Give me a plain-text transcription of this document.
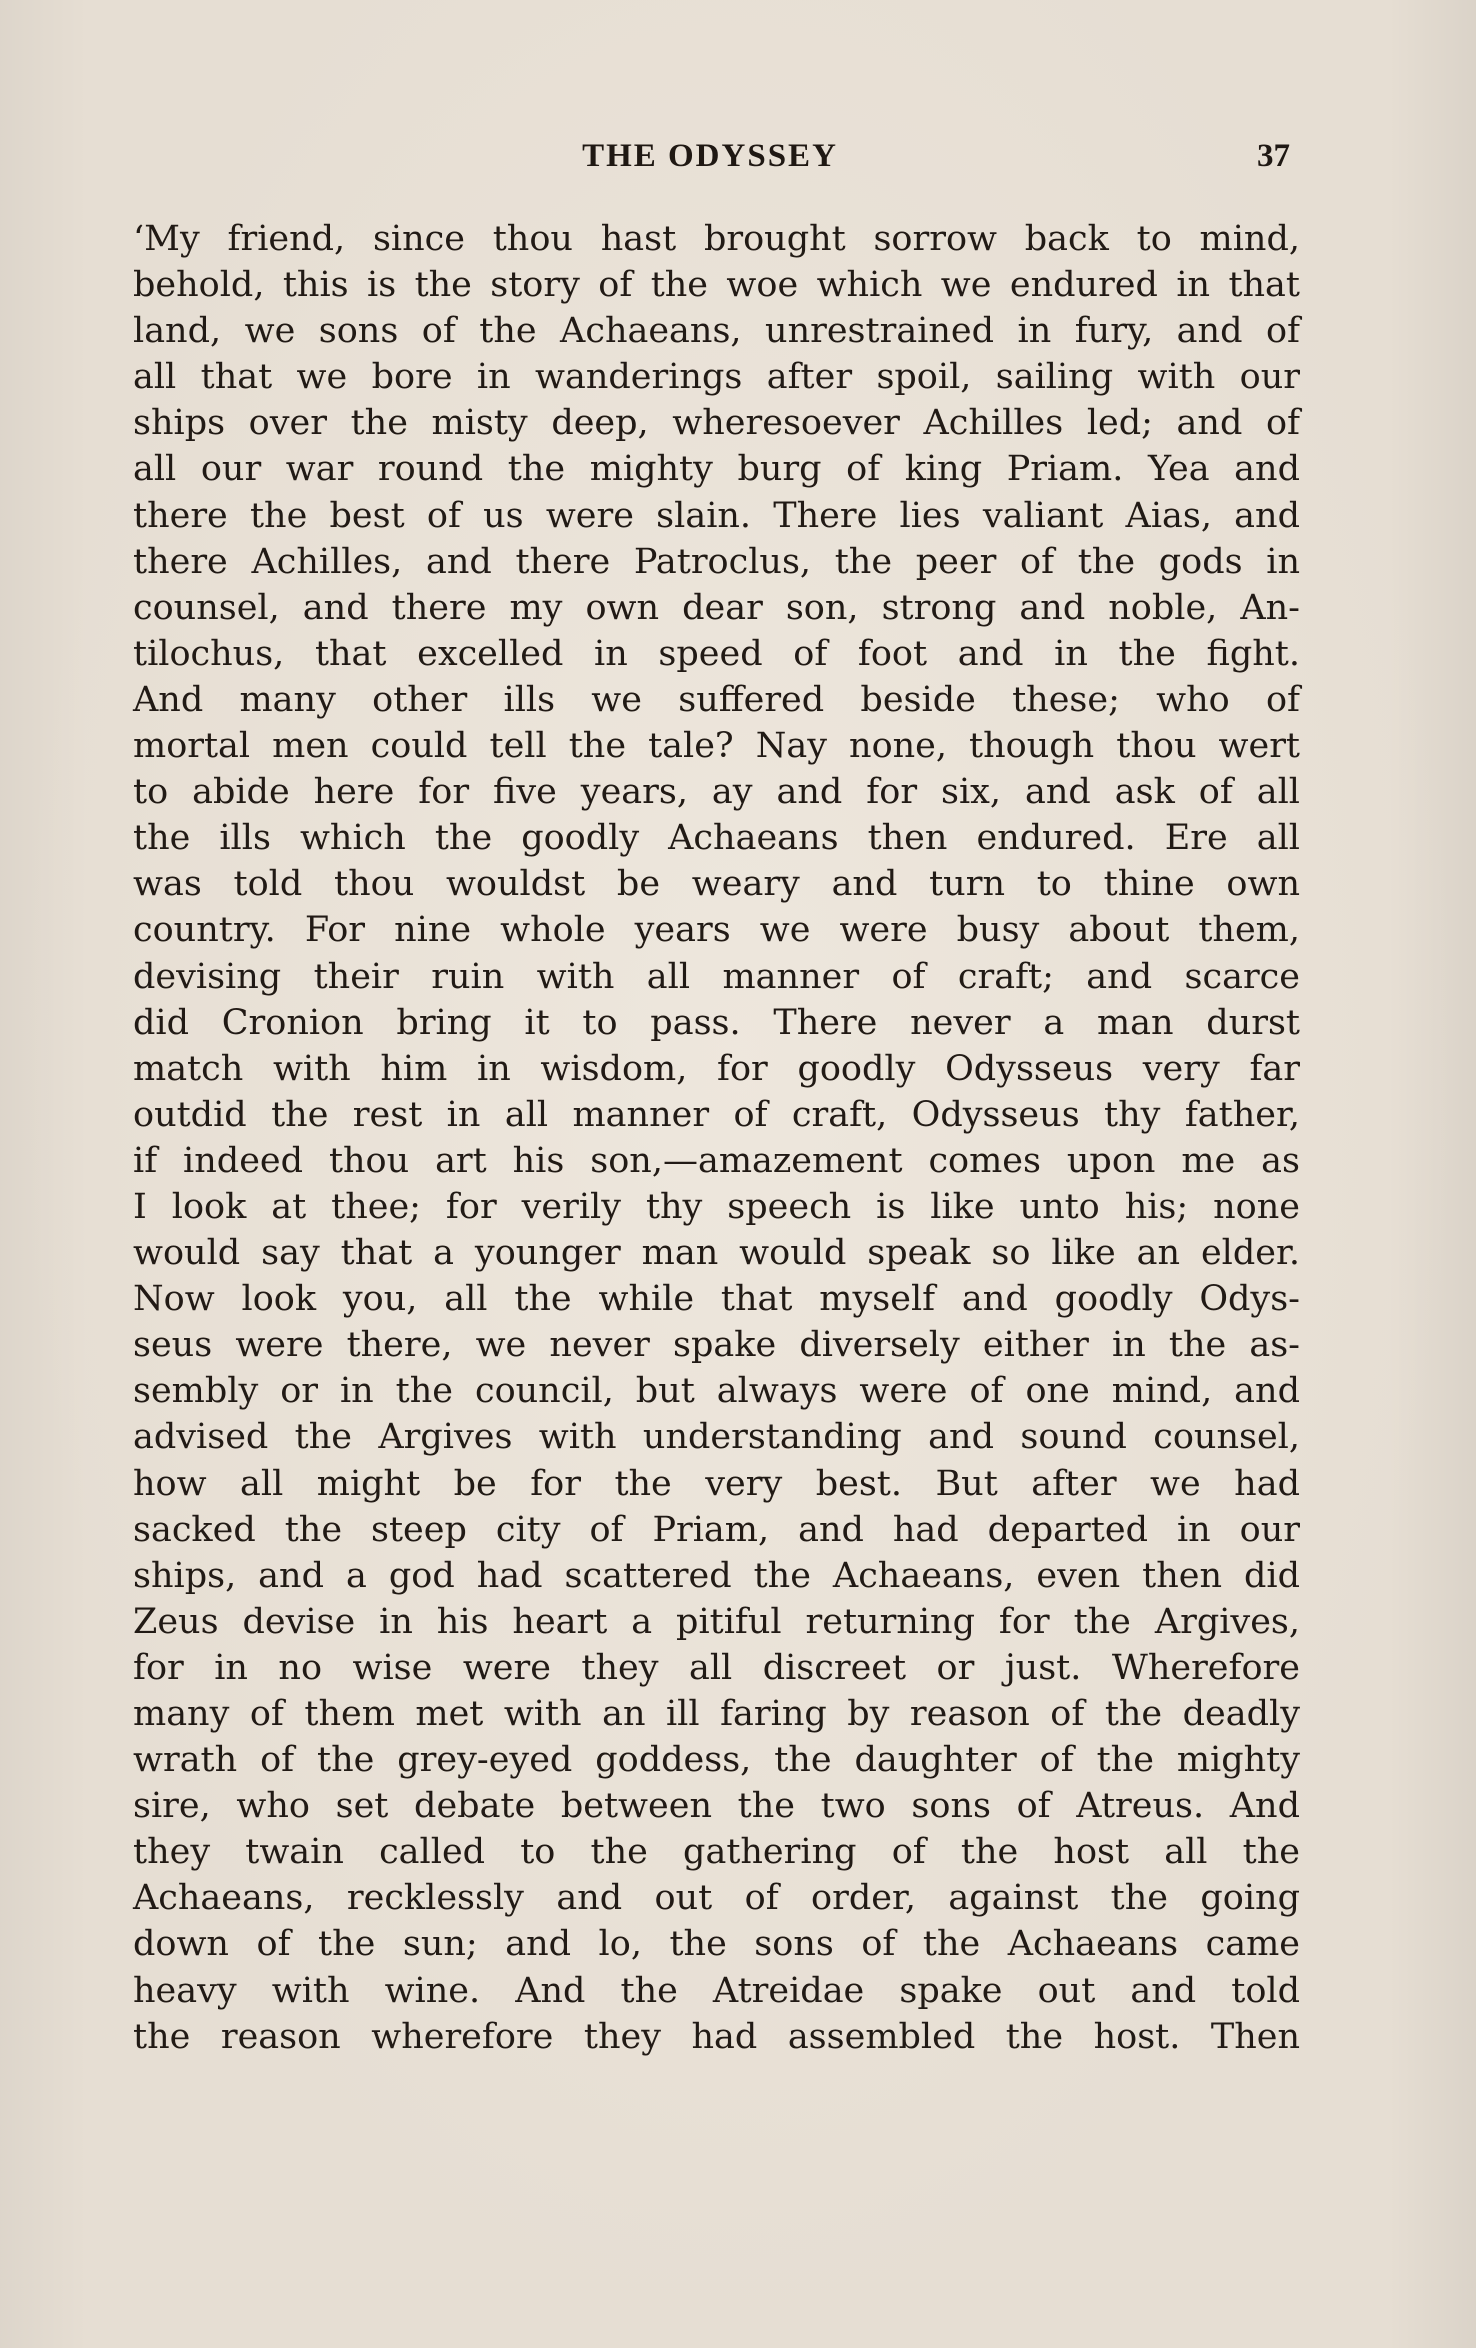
THE ODYSSEY	37
‘My friend, since thou hast brought sorrow back to mind,
behold, this is the story of the woe which we endured in that
land, we sons of the Achaeans, unrestrained in fury, and of
all that we bore in wanderings after spoil, sailing with our
ships over the misty deep, wheresoever Achilles led; and of
all our war round the mighty burg of king Priam. Yea and
there the best of us were slain. There lies valiant Aias, and
there Achilles, and there Patroclus, the peer of the gods in
counsel, and there my own dear son, strong and noble, An-
tilochus, that excelled in speed of foot and in the fight.
And many other ills we suffered beside these; who of
mortal men could tell the tale? Nay none, though thou wert
to abide here for five years, ay and for six, and ask of all
the ills which the goodly Achaeans then endured. Ere all
was told thou wouldst be weary and turn to thine own
country. For nine whole years we were busy about them,
devising their ruin with all manner of craft; and scarce
did Cronion bring it to pass. There never a man durst
match with him in wisdom, for goodly Odysseus very far
outdid the rest in all manner of craft, Odysseus thy father,
if indeed thou art his son,—amazement comes upon me as
I look at thee; for verily thy speech is like unto his; none
would say that a younger man would speak so like an elder.
Now look you, all the while that myself and goodly Odys-
seus were there, we never spake diversely either in the as-
sembly or in the council, but always were of one mind, and
advised the Argives with understanding and sound counsel,
how all might be for the very best. But after we had
sacked the steep city of Priam, and had departed in our
ships, and a god had scattered the Achaeans, even then did
Zeus devise in his heart a pitiful returning for the Argives,
for in no wise were they all discreet or just. Wherefore
many of them met with an ill faring by reason of the deadly
wrath of the grey-eyed goddess, the daughter of the mighty
sire, who set debate between the two sons of Atreus. And
they twain called to the gathering of the host all the
Achaeans, recklessly and out of order, against the going
down of the sun; and lo, the sons of the Achaeans came
heavy with wine. And the Atreidae spake out and told
the reason wherefore they had assembled the host. Then
